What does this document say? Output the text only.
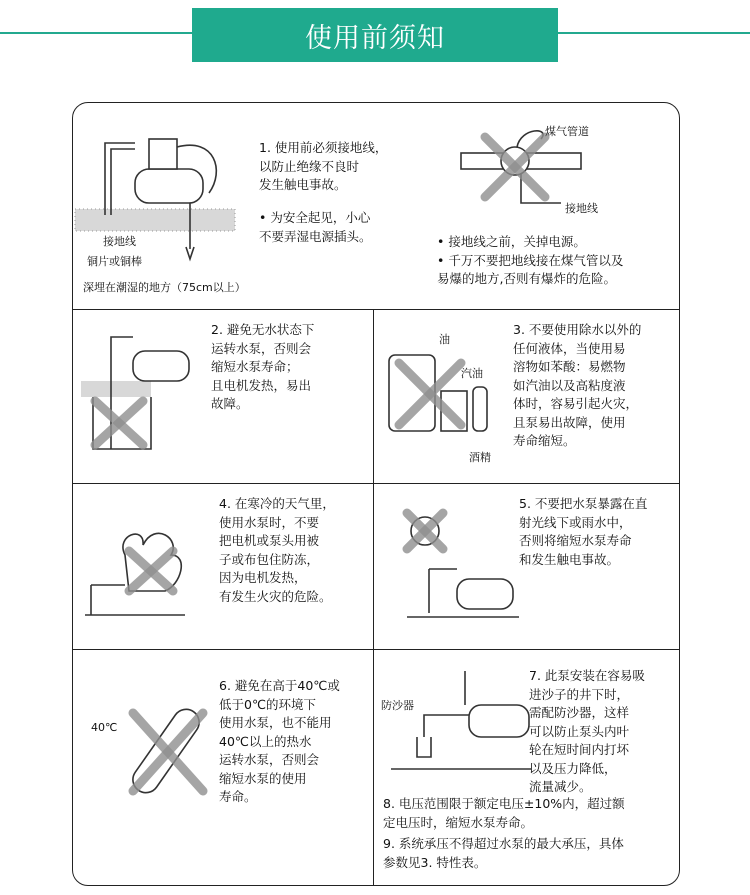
使用前须知
接地线
铜片或铜棒
深埋在潮湿的地方（75cm以上）
1. 使用前必须接地线，
以防止绝缘不良时
发生触电事故。
• 为安全起见，小心
不要弄湿电源插头。
煤气管道
接地线
• 接地线之前，关掉电源。
• 千万不要把地线接在煤气管以及
易爆的地方,否则有爆炸的危险。
2. 避免无水状态下
运转水泵，否则会
缩短水泵寿命；
且电机发热，易出
故障。
油
汽油
酒精
3. 不要使用除水以外的
任何液体，当使用易
溶物如苯酸：易燃物
如汽油以及高粘度液
体时，容易引起火灾，
且泵易出故障，使用
寿命缩短。
4. 在寒冷的天气里，
使用水泵时，不要
把电机或泵头用被
子或布包住防冻，
因为电机发热，
有发生火灾的危险。
5. 不要把水泵暴露在直
射光线下或雨水中，
否则将缩短水泵寿命
和发生触电事故。
40℃
6. 避免在高于40℃或
低于0℃的环境下
使用水泵，也不能用
40℃以上的热水
运转水泵，否则会
缩短水泵的使用
寿命。
防沙器
7. 此泵安装在容易吸
进沙子的井下时，
需配防沙器，这样
可以防止泵头内叶
轮在短时间内打坏
以及压力降低，
流量减少。
8. 电压范围限于额定电压±10%内，超过额
定电压时，缩短水泵寿命。
9. 系统承压不得超过水泵的最大承压，具体
参数见3. 特性表。
